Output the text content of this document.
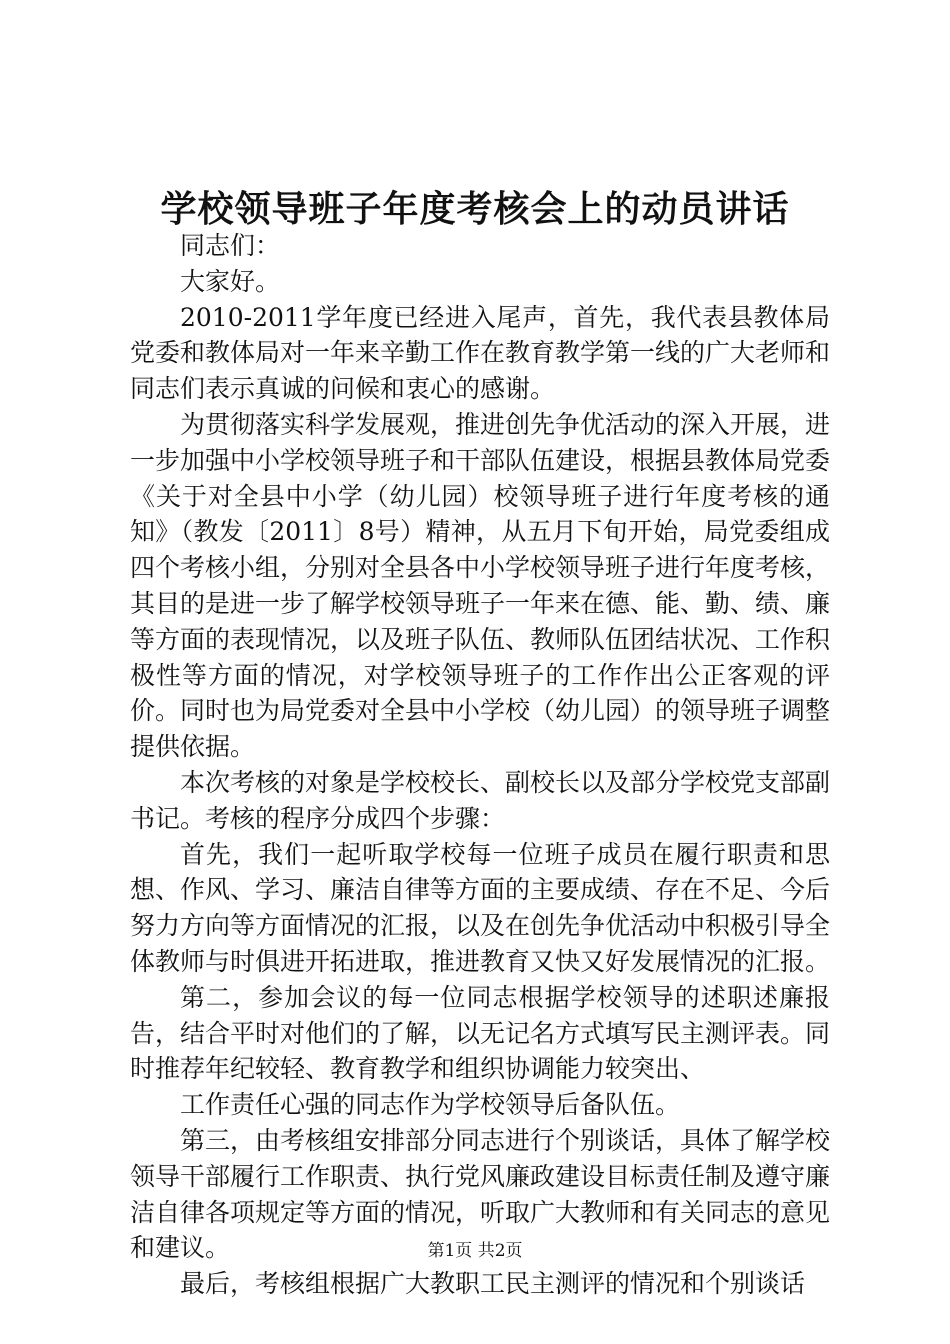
学校领导班子年度考核会上的动员讲话

同志们：

大家好。

2010-2011学年度已经进入尾声，首先，我代表县教体局党委和教体局对一年来辛勤工作在教育教学第一线的广大老师和同志们表示真诚的问候和衷心的感谢。

为贯彻落实科学发展观，推进创先争优活动的深入开展，进一步加强中小学校领导班子和干部队伍建设，根据县教体局党委《关于对全县中小学（幼儿园）校领导班子进行年度考核的通知》（教发〔2011〕8号）精神，从五月下旬开始，局党委组成四个考核小组，分别对全县各中小学校领导班子进行年度考核，其目的是进一步了解学校领导班子一年来在德、能、勤、绩、廉等方面的表现情况，以及班子队伍、教师队伍团结状况、工作积极性等方面的情况，对学校领导班子的工作作出公正客观的评价。同时也为局党委对全县中小学校（幼儿园）的领导班子调整提供依据。

本次考核的对象是学校校长、副校长以及部分学校党支部副书记。考核的程序分成四个步骤：

首先，我们一起听取学校每一位班子成员在履行职责和思想、作风、学习、廉洁自律等方面的主要成绩、存在不足、今后努力方向等方面情况的汇报，以及在创先争优活动中积极引导全体教师与时俱进开拓进取，推进教育又快又好发展情况的汇报。

第二，参加会议的每一位同志根据学校领导的述职述廉报告，结合平时对他们的了解，以无记名方式填写民主测评表。同时推荐年纪较轻、教育教学和组织协调能力较突出、

工作责任心强的同志作为学校领导后备队伍。

第三，由考核组安排部分同志进行个别谈话，具体了解学校领导干部履行工作职责、执行党风廉政建设目标责任制及遵守廉洁自律各项规定等方面的情况，听取广大教师和有关同志的意见和建议。

最后，考核组根据广大教职工民主测评的情况和个别谈话

第1页 共2页
